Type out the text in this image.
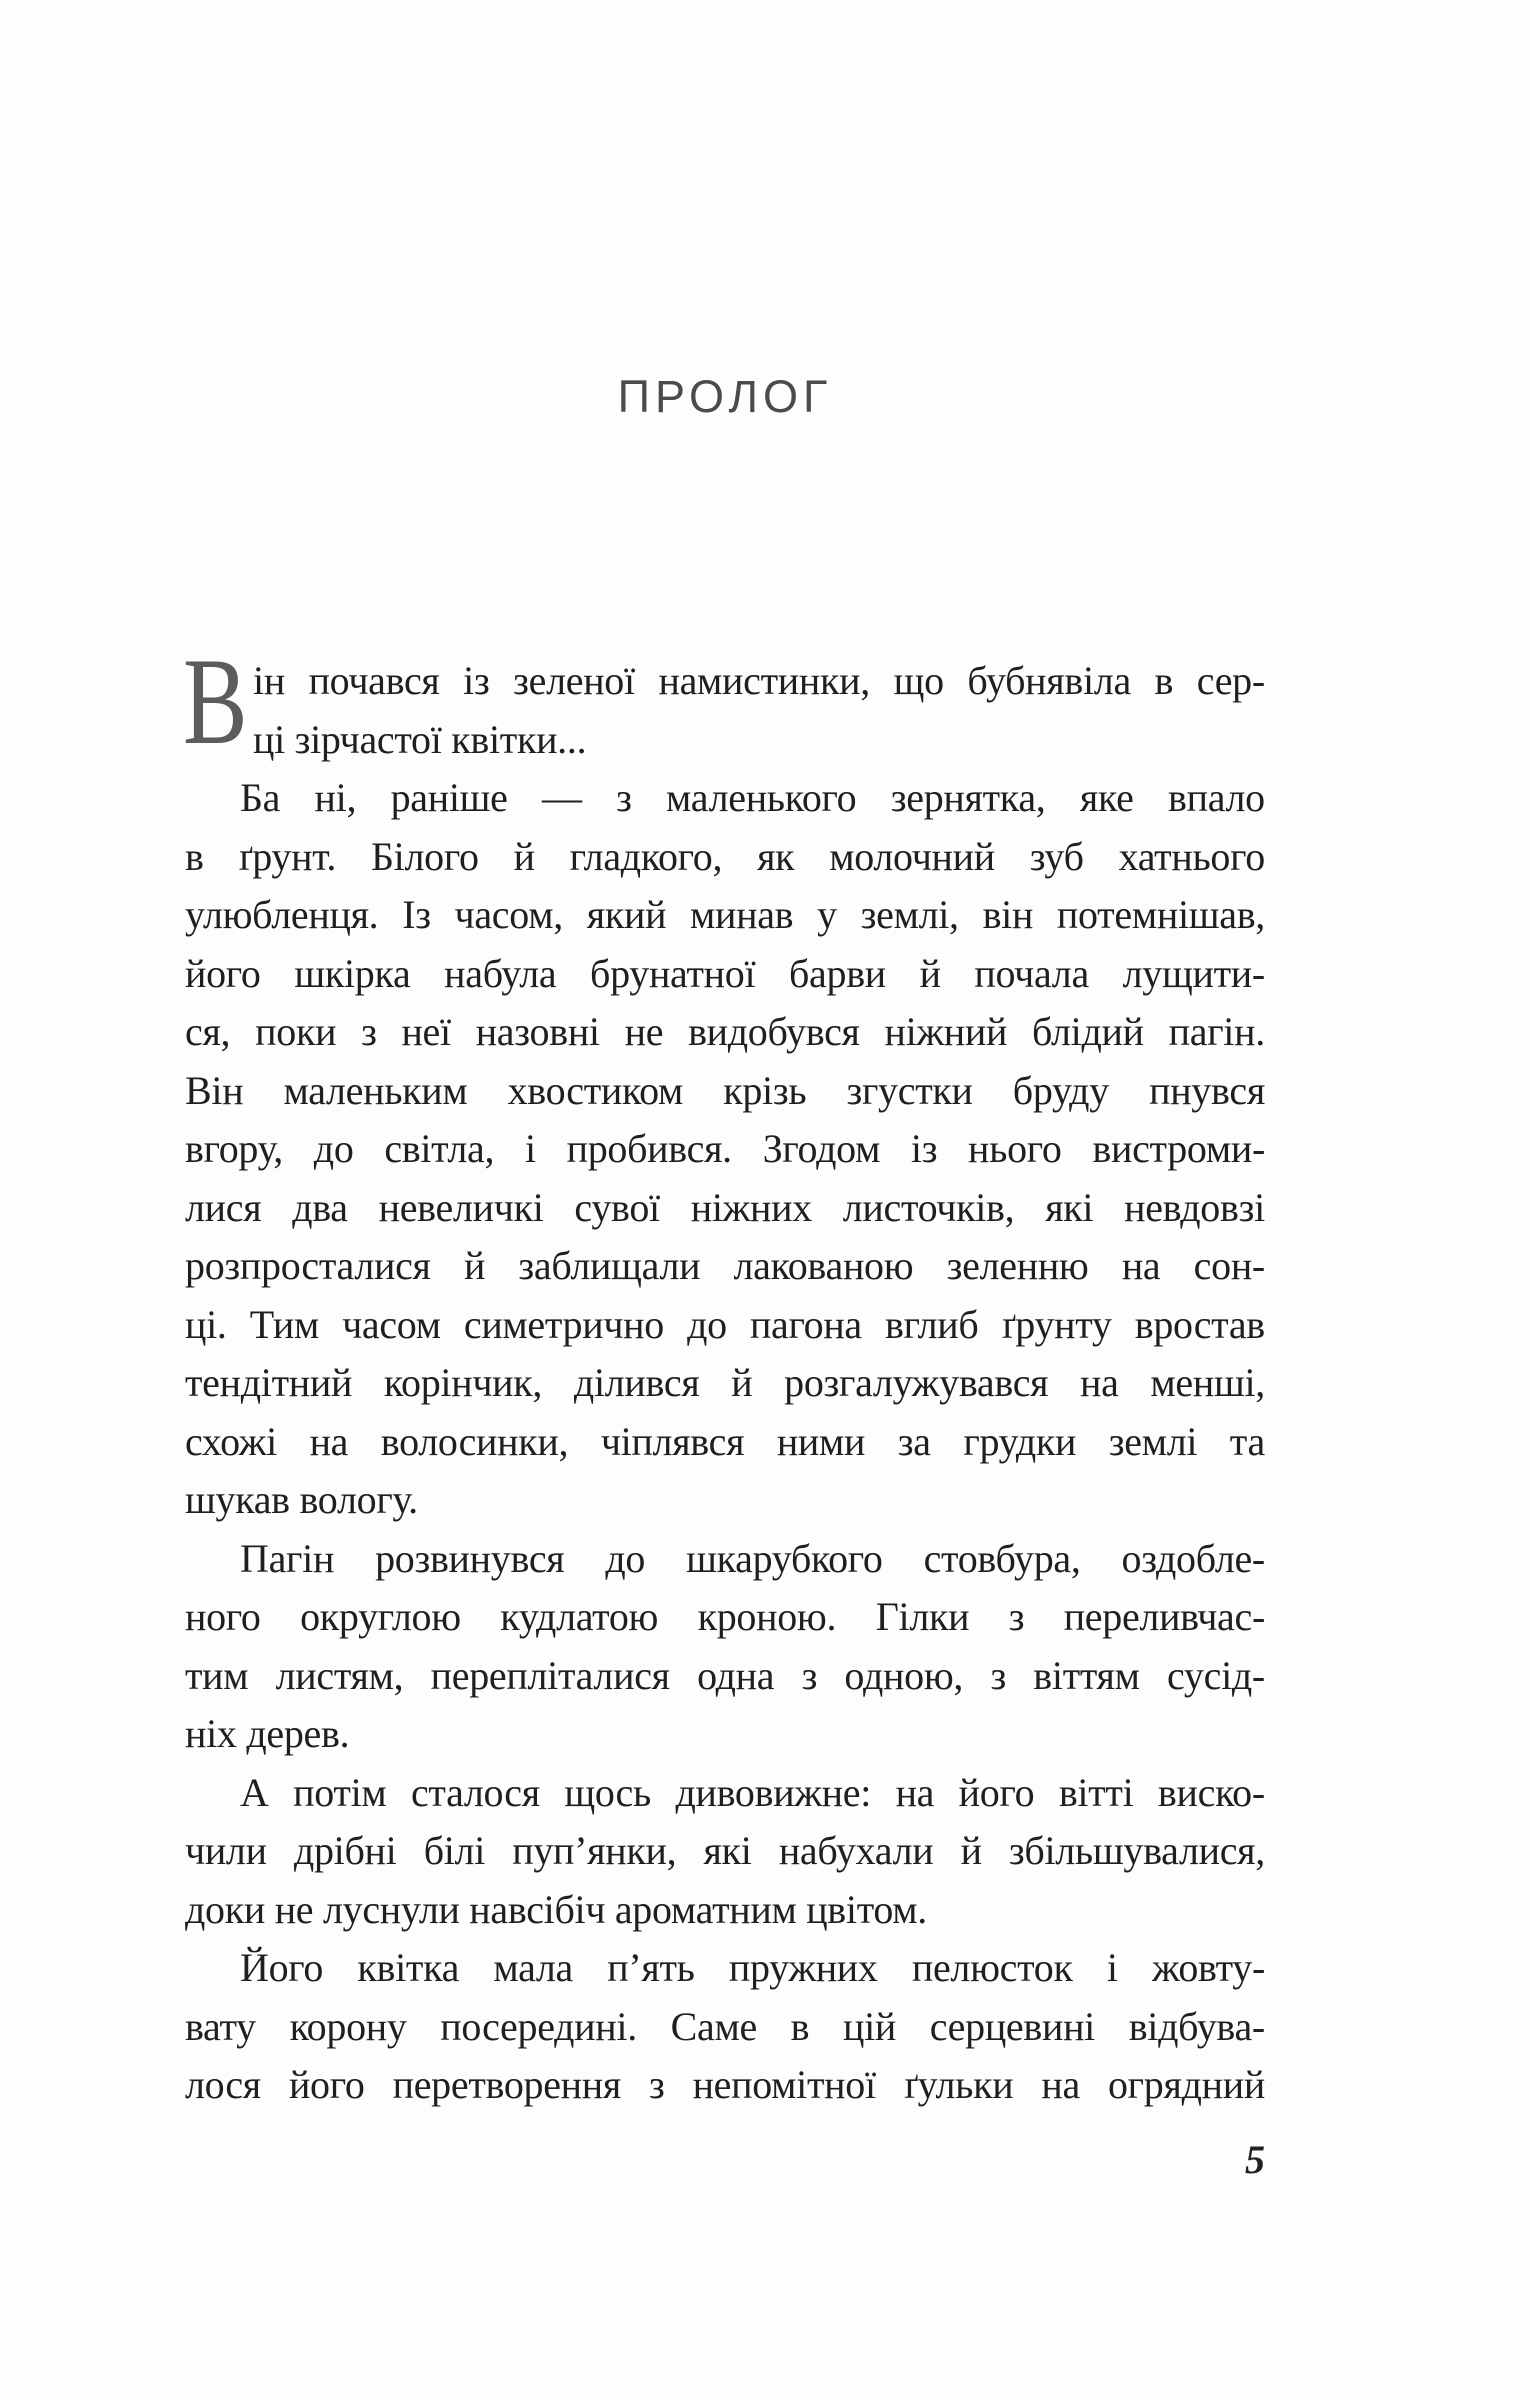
ПРОЛОГ
В ін почався із зеленої намистинки, що бубнявіла в сер-
ці зірчастої квітки...
Ба ні, раніше — з маленького зернятка, яке впало
в ґрунт. Білого й гладкого, як молочний зуб хатнього
улюбленця. Із часом, який минав у землі, він потемнішав,
його шкірка набула брунатної барви й почала лущити-
ся, поки з неї назовні не видобувся ніжний блідий пагін.
Він маленьким хвостиком крізь згустки бруду пнувся
вгору, до світла, і пробився. Згодом із нього вистроми-
лися два невеличкі сувої ніжних листочків, які невдовзі
розпросталися й заблищали лакованою зеленню на сон-
ці. Тим часом симетрично до пагона вглиб ґрунту вростав
тендітний корінчик, ділився й розгалужувався на менші,
схожі на волосинки, чіплявся ними за грудки землі та
шукав вологу.
Пагін розвинувся до шкарубкого стовбура, оздобле-
ного округлою кудлатою кроною. Гілки з переливчас-
тим листям, перепліталися одна з одною, з віттям сусід-
ніх дерев.
А потім сталося щось дивовижне: на його вітті виско-
чили дрібні білі пуп’янки, які набухали й збільшувалися,
доки не луснули навсібіч ароматним цвітом.
Його квітка мала п’ять пружних пелюсток і жовту-
вату корону посередині. Саме в цій серцевині відбува-
лося його перетворення з непомітної ґульки на огрядний
5
